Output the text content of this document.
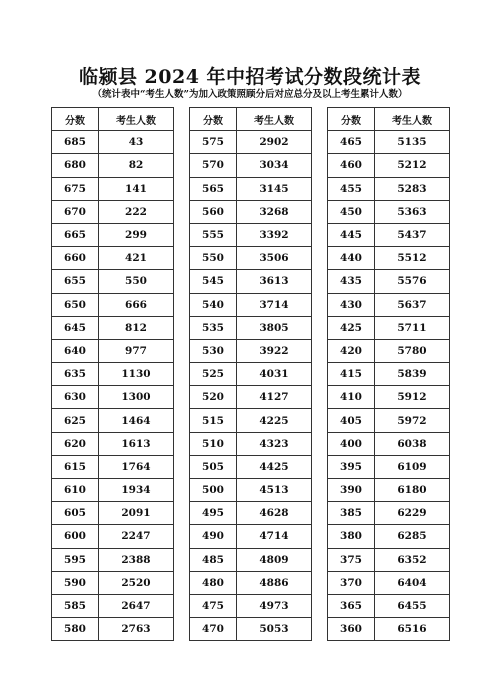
临颍县 2024 年中招考试分数段统计表
（统计表中“考生人数”为加入政策照顾分后对应总分及以上考生累计人数）
分数	考生人数
685	43
680	82
675	141
670	222
665	299
660	421
655	550
650	666
645	812
640	977
635	1130
630	1300
625	1464
620	1613
615	1764
610	1934
605	2091
600	2247
595	2388
590	2520
585	2647
580	2763
分数	考生人数
575	2902
570	3034
565	3145
560	3268
555	3392
550	3506
545	3613
540	3714
535	3805
530	3922
525	4031
520	4127
515	4225
510	4323
505	4425
500	4513
495	4628
490	4714
485	4809
480	4886
475	4973
470	5053
分数	考生人数
465	5135
460	5212
455	5283
450	5363
445	5437
440	5512
435	5576
430	5637
425	5711
420	5780
415	5839
410	5912
405	5972
400	6038
395	6109
390	6180
385	6229
380	6285
375	6352
370	6404
365	6455
360	6516
